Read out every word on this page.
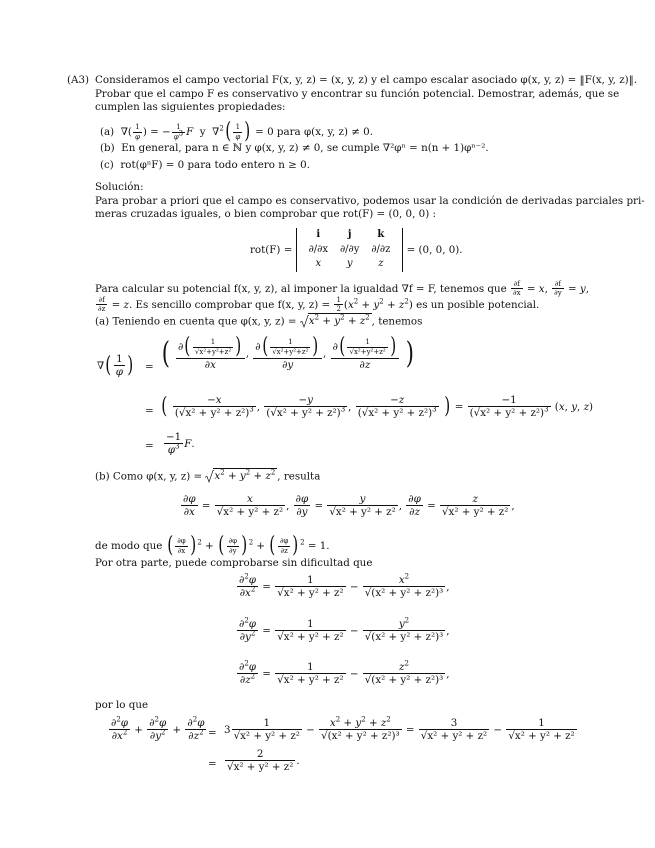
(A3) Consideramos el campo vectorial F(x, y, z) = (x, y, z) y el campo escalar asociado φ(x, y, z) = ‖F(x, y, z)‖.
Probar que el campo F es conservativo y encontrar su función potencial. Demostrar, además, que se
cumplen las siguientes propiedades:
(a)  ∇( $\frac{1}{\varphi}$ ) = − $\frac{1}{\varphi^3}$ F  y  $\nabla^2( \frac{1}{\varphi}$ ) = 0 para φ(x, y, z) ≠ 0.
(b) En general, para n ∈ ℕ y φ(x, y, z) ≠ 0, se cumple ∇²φⁿ = n(n + 1)φⁿ⁻².
(c) rot(φⁿF) = 0 para todo entero n ≥ 0.
Solución:
Para probar a priori que el campo es conservativo, podemos usar la condición de derivadas parciales pri-
meras cruzadas iguales, o bien comprobar que rot(F) = (0, 0, 0) :
rot(F) =
i	j	k
∂/∂x	∂/∂y	∂/∂z
x	y	z
= (0, 0, 0).
Para calcular su potencial f(x, y, z), al imponer la igualdad ∇f = F, tenemos que $\frac{\partial f}{\partial x} = x$, $\frac{\partial f}{\partial y} = y$,
$\frac{\partial f}{\partial z} = z$. Es sencillo comprobar que f(x, y, $z) = \frac{1}{2} (x^2 + y^2 + z^2)$ es un posible potencial.
(a) Teniendo en cuenta que φ(x, y, $z) = x^2 + y^2 + z^2$ , tenemos
∇( $\frac{1}{\varphi}$ ) = ( $\frac{\partial( \frac{1}{\text{√x²+y²+z²}} )}{\partial x}$ , $\frac{\partial( \frac{1}{\text{√x²+y²+z²}} )}{\partial y}$ , $\frac{\partial( \frac{1}{\text{√x²+y²+z²}} )}{\partial z}$ )
= ( $\frac{-x}{(√x^2 + y^2 + z^2)^3}$ , $\frac{-y}{(√x^2 + y^2 + z^2)^3}$ , $\frac{-z}{(√x^2 + y^2 + z^2)^3}$ ) = $\frac{-1}{(√x^2 + y^2 + z^2)^3} (x$, y, z)
= $\frac{-1}{\varphi^3} F$.
(b) Como φ(x, y, $z) = x^2 + y^2 + z^2$ , resulta
$\frac{\partial\varphi}{\partial x} = \frac{x}{\text{√x² + y² + z²}}$ , $\frac{\partial\varphi}{\partial y} = \frac{y}{\text{√x² + y² + z²}}$ , $\frac{\partial\varphi}{\partial z} = \frac{z}{\text{√x² + y² + z²}}$ ,
de modo que ( $\frac{\partial\varphi}{\partial x} )^2$ + ( $\frac{\partial\varphi}{\partial y} )^2$ + ( $\frac{\partial\varphi}{\partial z} )^2 = 1$.
Por otra parte, puede comprobarse sin dificultad que
$\frac{\partial^2\varphi}{\partial x^2} = \frac{1}{\text{√x² + y² + z²}} - \frac{x^2}{\text{√(x² + y² + z²)³}}$ ,
$\frac{\partial^2\varphi}{\partial y^2} = \frac{1}{\text{√x² + y² + z²}} - \frac{y^2}{\text{√(x² + y² + z²)³}}$ ,
$\frac{\partial^2\varphi}{\partial z^2} = \frac{1}{\text{√x² + y² + z²}} - \frac{z^2}{\text{√(x² + y² + z²)³}}$ ,
por lo que
$\frac{\partial^2\varphi}{\partial x^2} + \frac{\partial^2\varphi}{\partial y^2} + \frac{\partial^2\varphi}{\partial z^2} = 3 \frac{1}{\text{√x² + y² + z²}} - \frac{x^2 + y^2 + z^2}{\text{√(x² + y² + z²)³}} = \frac{3}{\text{√x² + y² + z²}} - \frac{1}{\text{√x² + y² + z²}}$
= $\frac{2}{\text{√x² + y² + z²}}$ .
